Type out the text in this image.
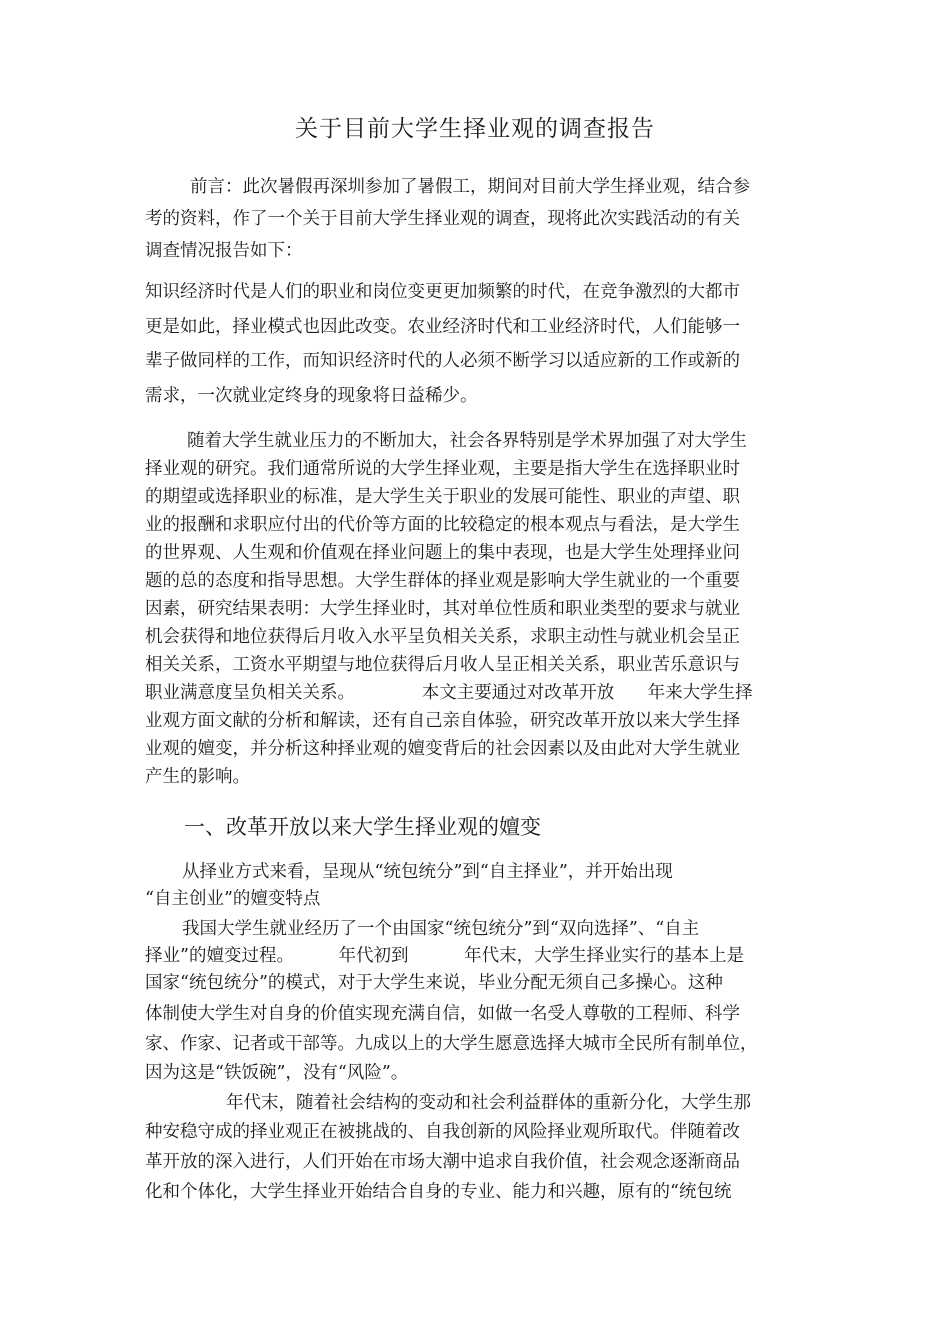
关于目前大学生择业观的调查报告
前言：此次暑假再深圳参加了暑假工，期间对目前大学生择业观，结合参
考的资料，作了一个关于目前大学生择业观的调查，现将此次实践活动的有关
调查情况报告如下：
知识经济时代是人们的职业和岗位变更更加频繁的时代，在竞争激烈的大都市
更是如此，择业模式也因此改变。农业经济时代和工业经济时代，人们能够一
辈子做同样的工作，而知识经济时代的人必须不断学习以适应新的工作或新的
需求，一次就业定终身的现象将日益稀少。
随着大学生就业压力的不断加大，社会各界特别是学术界加强了对大学生
择业观的研究。我们通常所说的大学生择业观，主要是指大学生在选择职业时
的期望或选择职业的标准，是大学生关于职业的发展可能性、职业的声望、职
业的报酬和求职应付出的代价等方面的比较稳定的根本观点与看法，是大学生
的世界观、人生观和价值观在择业问题上的集中表现，也是大学生处理择业问
题的总的态度和指导思想。大学生群体的择业观是影响大学生就业的一个重要
因素，研究结果表明：大学生择业时，其对单位性质和职业类型的要求与就业
机会获得和地位获得后月收入水平呈负相关关系，求职主动性与就业机会呈正
相关关系，工资水平期望与地位获得后月收人呈正相关关系，职业苦乐意识与
职业满意度呈负相关关系。            本文主要通过对改革开放      年来大学生择
业观方面文献的分析和解读，还有自己亲自体验，研究改革开放以来大学生择
业观的嬗变，并分析这种择业观的嬗变背后的社会因素以及由此对大学生就业
产生的影响。
一、改革开放以来大学生择业观的嬗变
从择业方式来看，呈现从“统包统分”到“自主择业”，并开始出现
“自主创业”的嬗变特点
我国大学生就业经历了一个由国家“统包统分”到“双向选择”、“自主
择业”的嬗变过程。        年代初到          年代末，大学生择业实行的基本上是
国家“统包统分”的模式，对于大学生来说，毕业分配无须自己多操心。这种
体制使大学生对自身的价值实现充满自信，如做一名受人尊敬的工程师、科学
家、作家、记者或干部等。九成以上的大学生愿意选择大城市全民所有制单位，
因为这是“铁饭碗”，没有“风险”。
年代末，随着社会结构的变动和社会利益群体的重新分化，大学生那
种安稳守成的择业观正在被挑战的、自我创新的风险择业观所取代。伴随着改
革开放的深入进行，人们开始在市场大潮中追求自我价值，社会观念逐渐商品
化和个体化，大学生择业开始结合自身的专业、能力和兴趣，原有的“统包统
